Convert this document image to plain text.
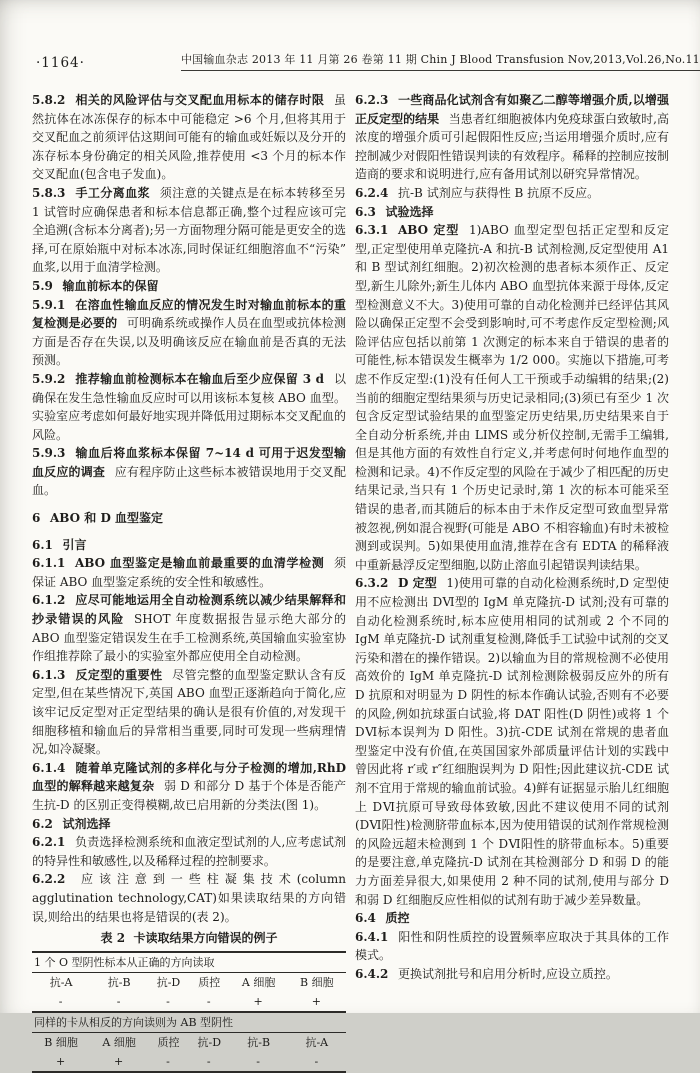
·1164·	中国输血杂志 2013 年 11 月第 26 卷第 11 期 Chin J Blood Transfusion Nov,2013,Vol.26,No.11

5.8.2 相关的风险评估与交叉配血用标本的储存时限 虽然抗体在冰冻保存的标本中可能稳定 >6 个月,但将其用于交叉配血之前须评估这期间可能有的输血或妊娠以及分开的冻存标本身份确定的相关风险,推荐使用 <3 个月的标本作交叉配血(包含电子发血)。

5.8.3 手工分离血浆 须注意的关键点是在标本转移至另 1 试管时应确保患者和标本信息都正确,整个过程应该可完全追溯(含标本分离者);另一方面物理分隔可能是更安全的选择,可在原始瓶中对标本冰冻,同时保证红细胞溶血不“污染”血浆,以用于血清学检测。

5.9 输血前标本的保留

5.9.1 在溶血性输血反应的情况发生时对输血前标本的重复检测是必要的 可明确系统或操作人员在血型或抗体检测方面是否存在失误,以及明确该反应在输血前是否真的无法预测。

5.9.2 推荐输血前检测标本在输血后至少应保留 3 d 以确保在发生急性输血反应时可以用该标本复核 ABO 血型。实验室应考虑如何最好地实现并降低用过期标本交叉配血的风险。

5.9.3 输血后将血浆标本保留 7~14 d 可用于迟发型输血反应的调查 应有程序防止这些标本被错误地用于交叉配血。

6 ABO 和 D 血型鉴定

6.1 引言

6.1.1 ABO 血型鉴定是输血前最重要的血清学检测 须保证 ABO 血型鉴定系统的安全性和敏感性。

6.1.2 应尽可能地运用全自动检测系统以减少结果解释和抄录错误的风险 SHOT 年度数据报告显示绝大部分的 ABO 血型鉴定错误发生在手工检测系统,英国输血实验室协作组推荐除了最小的实验室外都应使用全自动检测。

6.1.3 反定型的重要性 尽管完整的血型鉴定默认含有反定型,但在某些情况下,英国 ABO 血型正逐渐趋向于简化,应该牢记反定型对正定型结果的确认是很有价值的,对发现干细胞移植和输血后的异常相当重要,同时可发现一些病理情况,如冷凝聚。

6.1.4 随着单克隆试剂的多样化与分子检测的增加,RhD 血型的解释越来越复杂 弱 D 和部分 D 基于个体是否能产生抗-D 的区别正变得模糊,故已启用新的分类法(图 1)。

6.2 试剂选择

6.2.1 负责选择检测系统和血液定型试剂的人,应考虑试剂的特异性和敏感性,以及稀释过程的控制要求。

6.2.2 应该注意到一些柱凝集技术(column agglutination technology,CAT)如果读取结果的方向错误,则给出的结果也将是错误的(表 2)。

表 2 卡读取结果方向错误的例子
1 个 O 型阴性标本从正确的方向读取					
抗-A	抗-B	抗-D	质控	A 细胞	B 细胞
-	-	-	-	+	+
同样的卡从相反的方向读则为 AB 型阴性					
B 细胞	A 细胞	质控	抗-D	抗-B	抗-A
+	+	-	-	-	-

6.2.3 一些商品化试剂含有如聚乙二醇等增强介质,以增强正反定型的结果 当患者红细胞被体内免疫球蛋白致敏时,高浓度的增强介质可引起假阳性反应;当运用增强介质时,应有控制减少对假阳性错误判读的有效程序。稀释的控制应按制造商的要求和说明进行,应有备用试剂以研究异常情况。

6.2.4 抗-B 试剂应与获得性 B 抗原不反应。

6.3 试验选择

6.3.1 ABO 定型 1)ABO 血型定型包括正定型和反定型,正定型使用单克隆抗-A 和抗-B 试剂检测,反定型使用 A1 和 B 型试剂红细胞。2)初次检测的患者标本须作正、反定型,新生儿除外;新生儿体内 ABO 血型抗体来源于母体,反定型检测意义不大。3)使用可靠的自动化检测并已经评估其风险以确保正定型不会受到影响时,可不考虑作反定型检测;风险评估应包括以前第 1 次测定的标本来自于错误的患者的可能性,标本错误发生概率为 1/2 000。实施以下措施,可考虑不作反定型:(1)没有任何人工干预或手动编辑的结果;(2)当前的细胞定型结果须与历史记录相同;(3)须已有至少 1 次包含反定型试验结果的血型鉴定历史结果,历史结果来自于全自动分析系统,并由 LIMS 或分析仪控制,无需手工编辑,但是其他方面的有效性自行定义,并考虑何时何地作血型的检测和记录。4)不作反定型的风险在于减少了相匹配的历史结果记录,当只有 1 个历史记录时,第 1 次的标本可能采至错误的患者,而其随后的标本由于未作反定型可致血型异常被忽视,例如混合视野(可能是 ABO 不相容输血)有时未被检测到或误判。5)如果使用血清,推荐在含有 EDTA 的稀释液中重新悬浮反定型细胞,以防止溶血引起错误判读结果。

6.3.2 D 定型 1)使用可靠的自动化检测系统时,D 定型使用不应检测出 DⅥ型的 IgM 单克隆抗-D 试剂;没有可靠的自动化检测系统时,标本应使用相同的试剂或 2 个不同的 IgM 单克隆抗-D 试剂重复检测,降低手工试验中试剂的交叉污染和潜在的操作错误。2)以输血为目的常规检测不必使用高效价的 IgM 单克隆抗-D 试剂检测除极弱反应外的所有 D 抗原和对明显为 D 阴性的标本作确认试验,否则有不必要的风险,例如抗球蛋白试验,将 DAT 阳性(D 阴性)或将 1 个 DⅥ标本误判为 D 阳性。3)抗-CDE 试剂在常规的患者血型鉴定中没有价值,在英国国家外部质量评估计划的实践中曾因此将 r′或 r″红细胞误判为 D 阳性;因此建议抗-CDE 试剂不宜用于常规的输血前试验。4)鲜有证据显示胎儿红细胞上 DⅥ抗原可导致母体致敏,因此不建议使用不同的试剂(DⅥ阳性)检测脐带血标本,因为使用错误的试剂作常规检测的风险远超未检测到 1 个 DⅥ阳性的脐带血标本。5)重要的是要注意,单克隆抗-D 试剂在其检测部分 D 和弱 D 的能力方面差异很大,如果使用 2 种不同的试剂,使用与部分 D 和弱 D 红细胞反应性相似的试剂有助于减少差异数量。

6.4 质控

6.4.1 阳性和阴性质控的设置频率应取决于其具体的工作模式。

6.4.2 更换试剂批号和启用分析时,应设立质控。
